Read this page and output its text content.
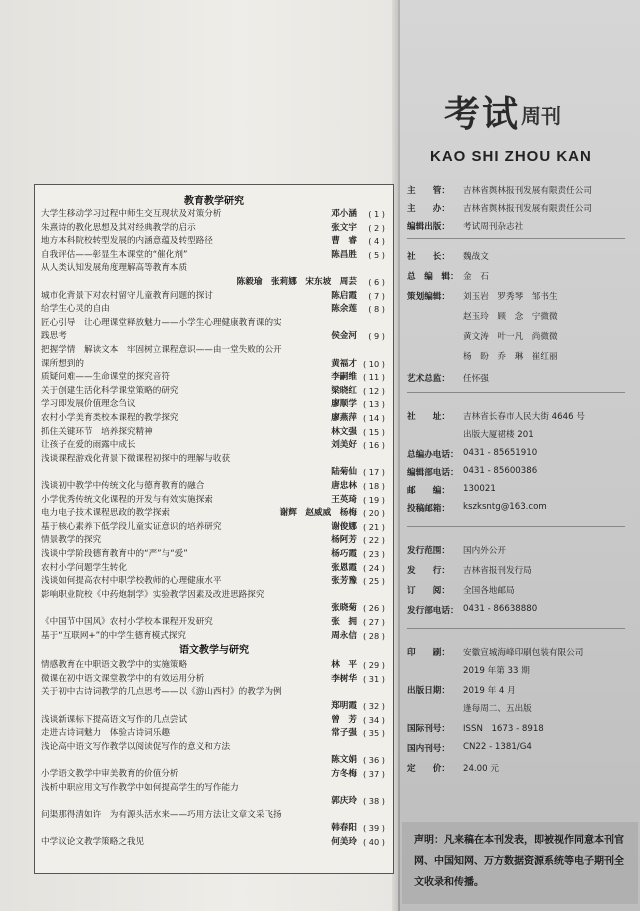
考试 周刊
KAO SHI ZHOU KAN
教育教学研究
大学生移动学习过程中师生交互现状及对策分析	邓小涵 ( 1 )
朱熹诗的教化思想及其对经典教学的启示	张文宇 ( 2 )
地方本科院校转型发展的内涵意蕴及转型路径	曹　睿 ( 4 )
自我评估——彰显生本课堂的“催化剂”	陈昌胜 ( 5 )
从人类认知发展角度理解高等教育本质
陈毅瑜　张莉娜　宋东坡　周芸 ( 6 )
城市化背景下对农村留守儿童教育问题的探讨	陈启霞 ( 7 )
给学生心灵的自由	陈余莲 ( 8 )
匠心引导　让心理课堂释放魅力——小学生心理健康教育课的实
践思考	侯金河 ( 9 )
把握学情　解读文本　牢固树立课程意识——由一堂失败的公开
课所想到的	黄福才 ( 10 )
质疑问难——生命课堂的探究音符	李嗣维 ( 11 )
关于创建生活化科学课堂策略的研究	梁晓红 ( 12 )
学习即发展价值理念刍议	廖顺学 ( 13 )
农村小学美育类校本课程的教学探究	廖燕萍 ( 14 )
抓住关键环节　培养探究精神	林文强 ( 15 )
让孩子在爱的雨露中成长	刘美好 ( 16 )
浅谈课程游戏化背景下微课程初探中的理解与收获
陆菊仙 ( 17 )
浅谈初中教学中传统文化与德育教育的融合	唐忠林 ( 18 )
小学优秀传统文化课程的开发与有效实施探索	王英琦 ( 19 )
电力电子技术课程思政的教学探索	谢辉　赵威威　杨梅 ( 20 )
基于核心素养下低学段儿童实证意识的培养研究	谢俊娜 ( 21 )
情景教学的探究	杨阿芳 ( 22 )
浅谈中学阶段德育教育中的“严”与“爱”	杨巧霞 ( 23 )
农村小学问题学生转化	张恩霞 ( 24 )
浅谈如何提高农村中职学校教师的心理健康水平	张芳豫 ( 25 )
影响职业院校《中药炮制学》实验教学因素及改进思路探究
张晓菊 ( 26 )
《中国节中国风》农村小学校本课程开发研究	张　拥 ( 27 )
基于“互联网+”的中学生德育模式探究	周永信 ( 28 )
情感教育在中职语文教学中的实施策略	林　平 ( 29 )
微课在初中语文课堂教学中的有效运用分析	李树华 ( 31 )
关于初中古诗词教学的几点思考——以《游山西村》的教学为例
郑明霞 ( 32 )
浅谈新课标下提高语文写作的几点尝试	曾　芳 ( 34 )
走进古诗词魅力　体验古诗词乐趣	常子强 ( 35 )
浅论高中语文写作教学以阅读促写作的意义和方法
陈文娟 ( 36 )
小学语文教学中审美教育的价值分析	方冬梅 ( 37 )
浅析中职应用文写作教学中如何提高学生的写作能力
郭庆玲 ( 38 )
问渠那得清如许　为有源头活水来——巧用方法让文章文采飞扬
韩春阳 ( 39 )
中学议论文教学策略之我见	何美玲 ( 40 )
语文教学与研究
主　　管： 吉林省舆林报刊发展有限责任公司
主　　办： 吉林省舆林报刊发展有限责任公司
编辑出版： 考试周刊杂志社
社　　长： 魏战文
总　编　辑： 金　石
策划编辑： 刘玉岩　罗秀琴　邹书生
赵玉玲　顾　念　宁微微
黄文涛　叶一凡　尚微微
杨　盼　乔　琳　崔红丽
艺术总监： 任怀强
社　　址： 吉林省长春市人民大街 4646 号
出版大厦裙楼 201
总编办电话： 0431 - 85651910
编辑部电话： 0431 - 85600386
邮　　编： 130021
投稿邮箱： kszksntg@163.com
发行范围： 国内外公开
发　　行： 吉林省报刊发行局
订　　阅： 全国各地邮局
发行部电话： 0431 - 86638880
印　　刷： 安徽宣城海峰印刷包装有限公司
2019 年第 33 期
出版日期： 2019 年 4 月
逢每周二、五出版
国际刊号： ISSN　1673 - 8918
国内刊号： CN22 - 1381/G4
定　　价： 24.00 元
声明：凡来稿在本刊发表，即被视作同意本刊官网、中国知网、万方数据资源系统等电子期刊全文收录和传播。
